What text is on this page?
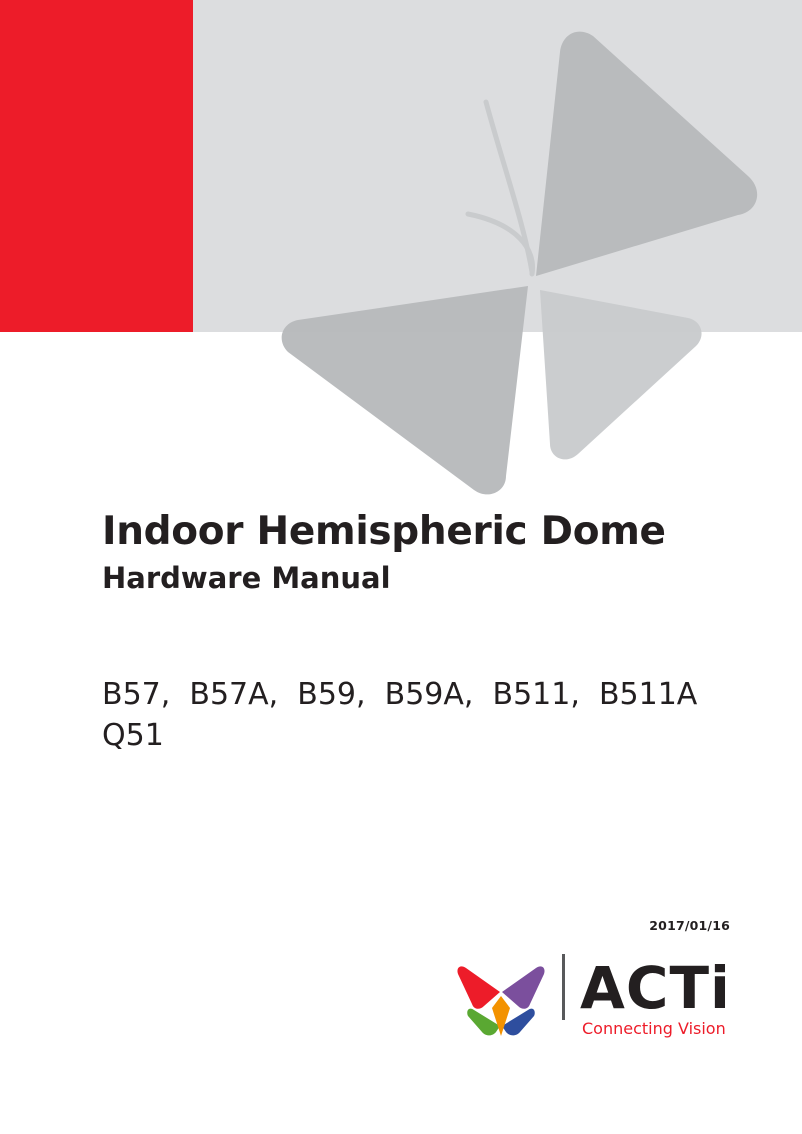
Indoor Hemispheric Dome
Hardware Manual
B57,  B57A,  B59,  B59A,  B511,  B511A
Q51
2017/01/16
ACTi
Connecting Vision
